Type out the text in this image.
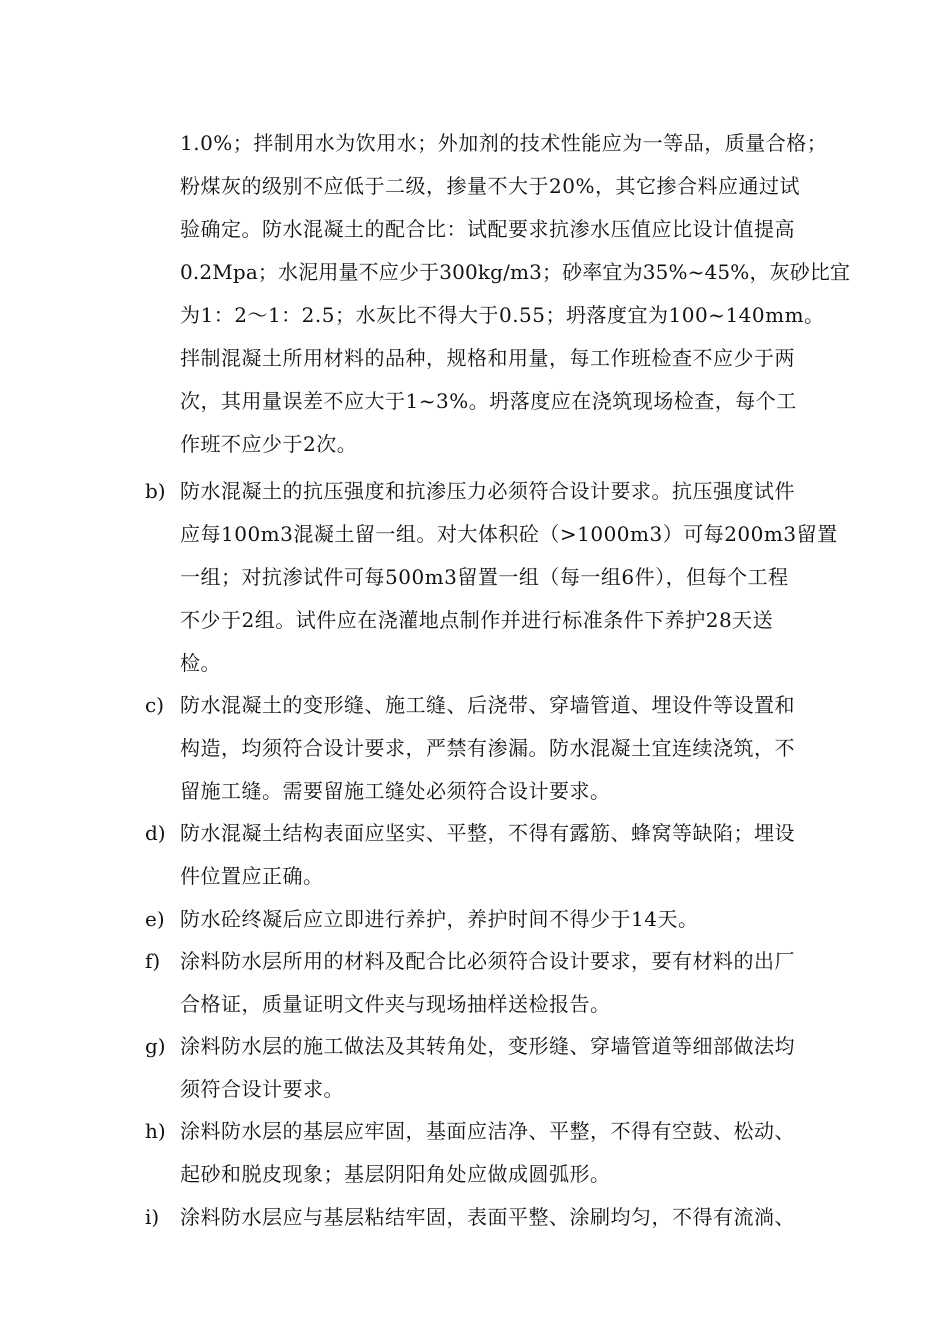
1.0%；拌制用水为饮用水；外加剂的技术性能应为一等品，质量合格；
粉煤灰的级别不应低于二级，掺量不大于20%，其它掺合料应通过试
验确定。防水混凝土的配合比：试配要求抗渗水压值应比设计值提高
0.2Mpa；水泥用量不应少于300kg/m3；砂率宜为35%~45%，灰砂比宜
为1：2～1：2.5；水灰比不得大于0.55；坍落度宜为100~140mm。
拌制混凝土所用材料的品种，规格和用量，每工作班检查不应少于两
次，其用量误差不应大于1~3%。坍落度应在浇筑现场检查，每个工
作班不应少于2次。
b) 防水混凝土的抗压强度和抗渗压力必须符合设计要求。抗压强度试件
应每100m3混凝土留一组。对大体积砼（>1000m3）可每200m3留置
一组；对抗渗试件可每500m3留置一组（每一组6件），但每个工程
不少于2组。试件应在浇灌地点制作并进行标准条件下养护28天送
检。
c) 防水混凝土的变形缝、施工缝、后浇带、穿墙管道、埋设件等设置和
构造，均须符合设计要求，严禁有渗漏。防水混凝土宜连续浇筑，不
留施工缝。需要留施工缝处必须符合设计要求。
d) 防水混凝土结构表面应坚实、平整，不得有露筋、蜂窝等缺陷；埋设
件位置应正确。
e) 防水砼终凝后应立即进行养护，养护时间不得少于14天。
f) 涂料防水层所用的材料及配合比必须符合设计要求，要有材料的出厂
合格证，质量证明文件夹与现场抽样送检报告。
g) 涂料防水层的施工做法及其转角处，变形缝、穿墙管道等细部做法均
须符合设计要求。
h) 涂料防水层的基层应牢固，基面应洁净、平整，不得有空鼓、松动、
起砂和脱皮现象；基层阴阳角处应做成圆弧形。
i) 涂料防水层应与基层粘结牢固，表面平整、涂刷均匀，不得有流淌、
